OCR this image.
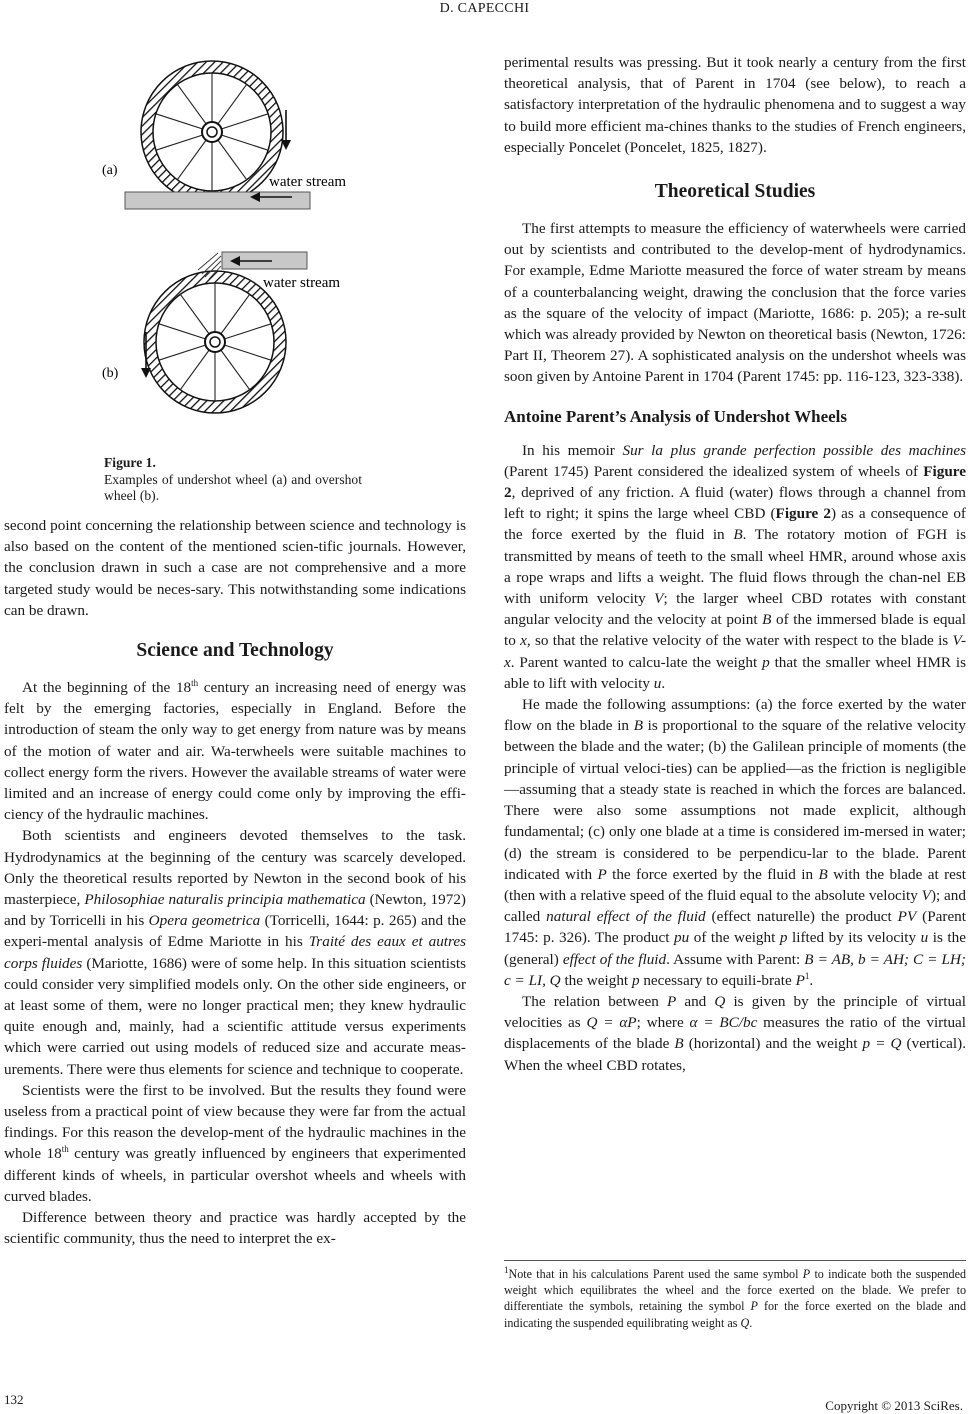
D. CAPECCHI
(a)
water stream
water stream
(b)
Figure 1.
Examples of undershot wheel (a) and overshot wheel (b).

second point concerning the relationship between science and technology is also based on the content of the mentioned scien-tific journals. However, the conclusion drawn in such a case are not comprehensive and a more targeted study would be neces-sary. This notwithstanding some indications can be drawn.

Science and Technology

At the beginning of the 18th century an increasing need of energy was felt by the emerging factories, especially in England. Before the introduction of steam the only way to get energy from nature was by means of the motion of water and air. Wa-terwheels were suitable machines to collect energy form the rivers. However the available streams of water were limited and an increase of energy could come only by improving the effi-ciency of the hydraulic machines.

Both scientists and engineers devoted themselves to the task. Hydrodynamics at the beginning of the century was scarcely developed. Only the theoretical results reported by Newton in the second book of his masterpiece, Philosophiae naturalis principia mathematica (Newton, 1972) and by Torricelli in his Opera geometrica (Torricelli, 1644: p. 265) and the experi-mental analysis of Edme Mariotte in his Traité des eaux et autres corps fluides (Mariotte, 1686) were of some help. In this situation scientists could consider very simplified models only. On the other side engineers, or at least some of them, were no longer practical men; they knew hydraulic quite enough and, mainly, had a scientific attitude versus experiments which were carried out using models of reduced size and accurate meas-urements. There were thus elements for science and technique to cooperate.

Scientists were the first to be involved. But the results they found were useless from a practical point of view because they were far from the actual findings. For this reason the develop-ment of the hydraulic machines in the whole 18th century was greatly influenced by engineers that experimented different kinds of wheels, in particular overshot wheels and wheels with curved blades.

Difference between theory and practice was hardly accepted by the scientific community, thus the need to interpret the ex-

perimental results was pressing. But it took nearly a century from the first theoretical analysis, that of Parent in 1704 (see below), to reach a satisfactory interpretation of the hydraulic phenomena and to suggest a way to build more efficient ma-chines thanks to the studies of French engineers, especially Poncelet (Poncelet, 1825, 1827).

Theoretical Studies

The first attempts to measure the efficiency of waterwheels were carried out by scientists and contributed to the develop-ment of hydrodynamics. For example, Edme Mariotte measured the force of water stream by means of a counterbalancing weight, drawing the conclusion that the force varies as the square of the velocity of impact (Mariotte, 1686: p. 205); a re-sult which was already provided by Newton on theoretical basis (Newton, 1726: Part II, Theorem 27). A sophisticated analysis on the undershot wheels was soon given by Antoine Parent in 1704 (Parent 1745: pp. 116-123, 323-338).

Antoine Parent’s Analysis of Undershot Wheels

In his memoir Sur la plus grande perfection possible des machines (Parent 1745) Parent considered the idealized system of wheels of Figure 2, deprived of any friction. A fluid (water) flows through a channel from left to right; it spins the large wheel CBD (Figure 2) as a consequence of the force exerted by the fluid in B. The rotatory motion of FGH is transmitted by means of teeth to the small wheel HMR, around whose axis a rope wraps and lifts a weight. The fluid flows through the chan-nel EB with uniform velocity V; the larger wheel CBD rotates with constant angular velocity and the velocity at point B of the immersed blade is equal to x, so that the relative velocity of the water with respect to the blade is V-x. Parent wanted to calcu-late the weight p that the smaller wheel HMR is able to lift with velocity u.

He made the following assumptions: (a) the force exerted by the water flow on the blade in B is proportional to the square of the relative velocity between the blade and the water; (b) the Galilean principle of moments (the principle of virtual veloci-ties) can be applied—as the friction is negligible—assuming that a steady state is reached in which the forces are balanced. There were also some assumptions not made explicit, although fundamental; (c) only one blade at a time is considered im-mersed in water; (d) the stream is considered to be perpendicu-lar to the blade. Parent indicated with P the force exerted by the fluid in B with the blade at rest (then with a relative speed of the fluid equal to the absolute velocity V); and called natural effect of the fluid (effect naturelle) the product PV (Parent 1745: p. 326). The product pu of the weight p lifted by its velocity u is the (general) effect of the fluid. Assume with Parent: B = AB, b = AH; C = LH; c = LI, Q the weight p necessary to equili-brate $P^1$.

The relation between P and Q is given by the principle of virtual velocities as Q = αP; where α = BC/bc measures the ratio of the virtual displacements of the blade B (horizontal) and the weight p = Q (vertical). When the wheel CBD rotates,

$^1$Note that in his calculations Parent used the same symbol P to indicate both the suspended weight which equilibrates the wheel and the force exerted on the blade. We prefer to differentiate the symbols, retaining the symbol P for the force exerted on the blade and indicating the suspended equilibrating weight as Q.
132	Copyright © 2013 SciRes.
